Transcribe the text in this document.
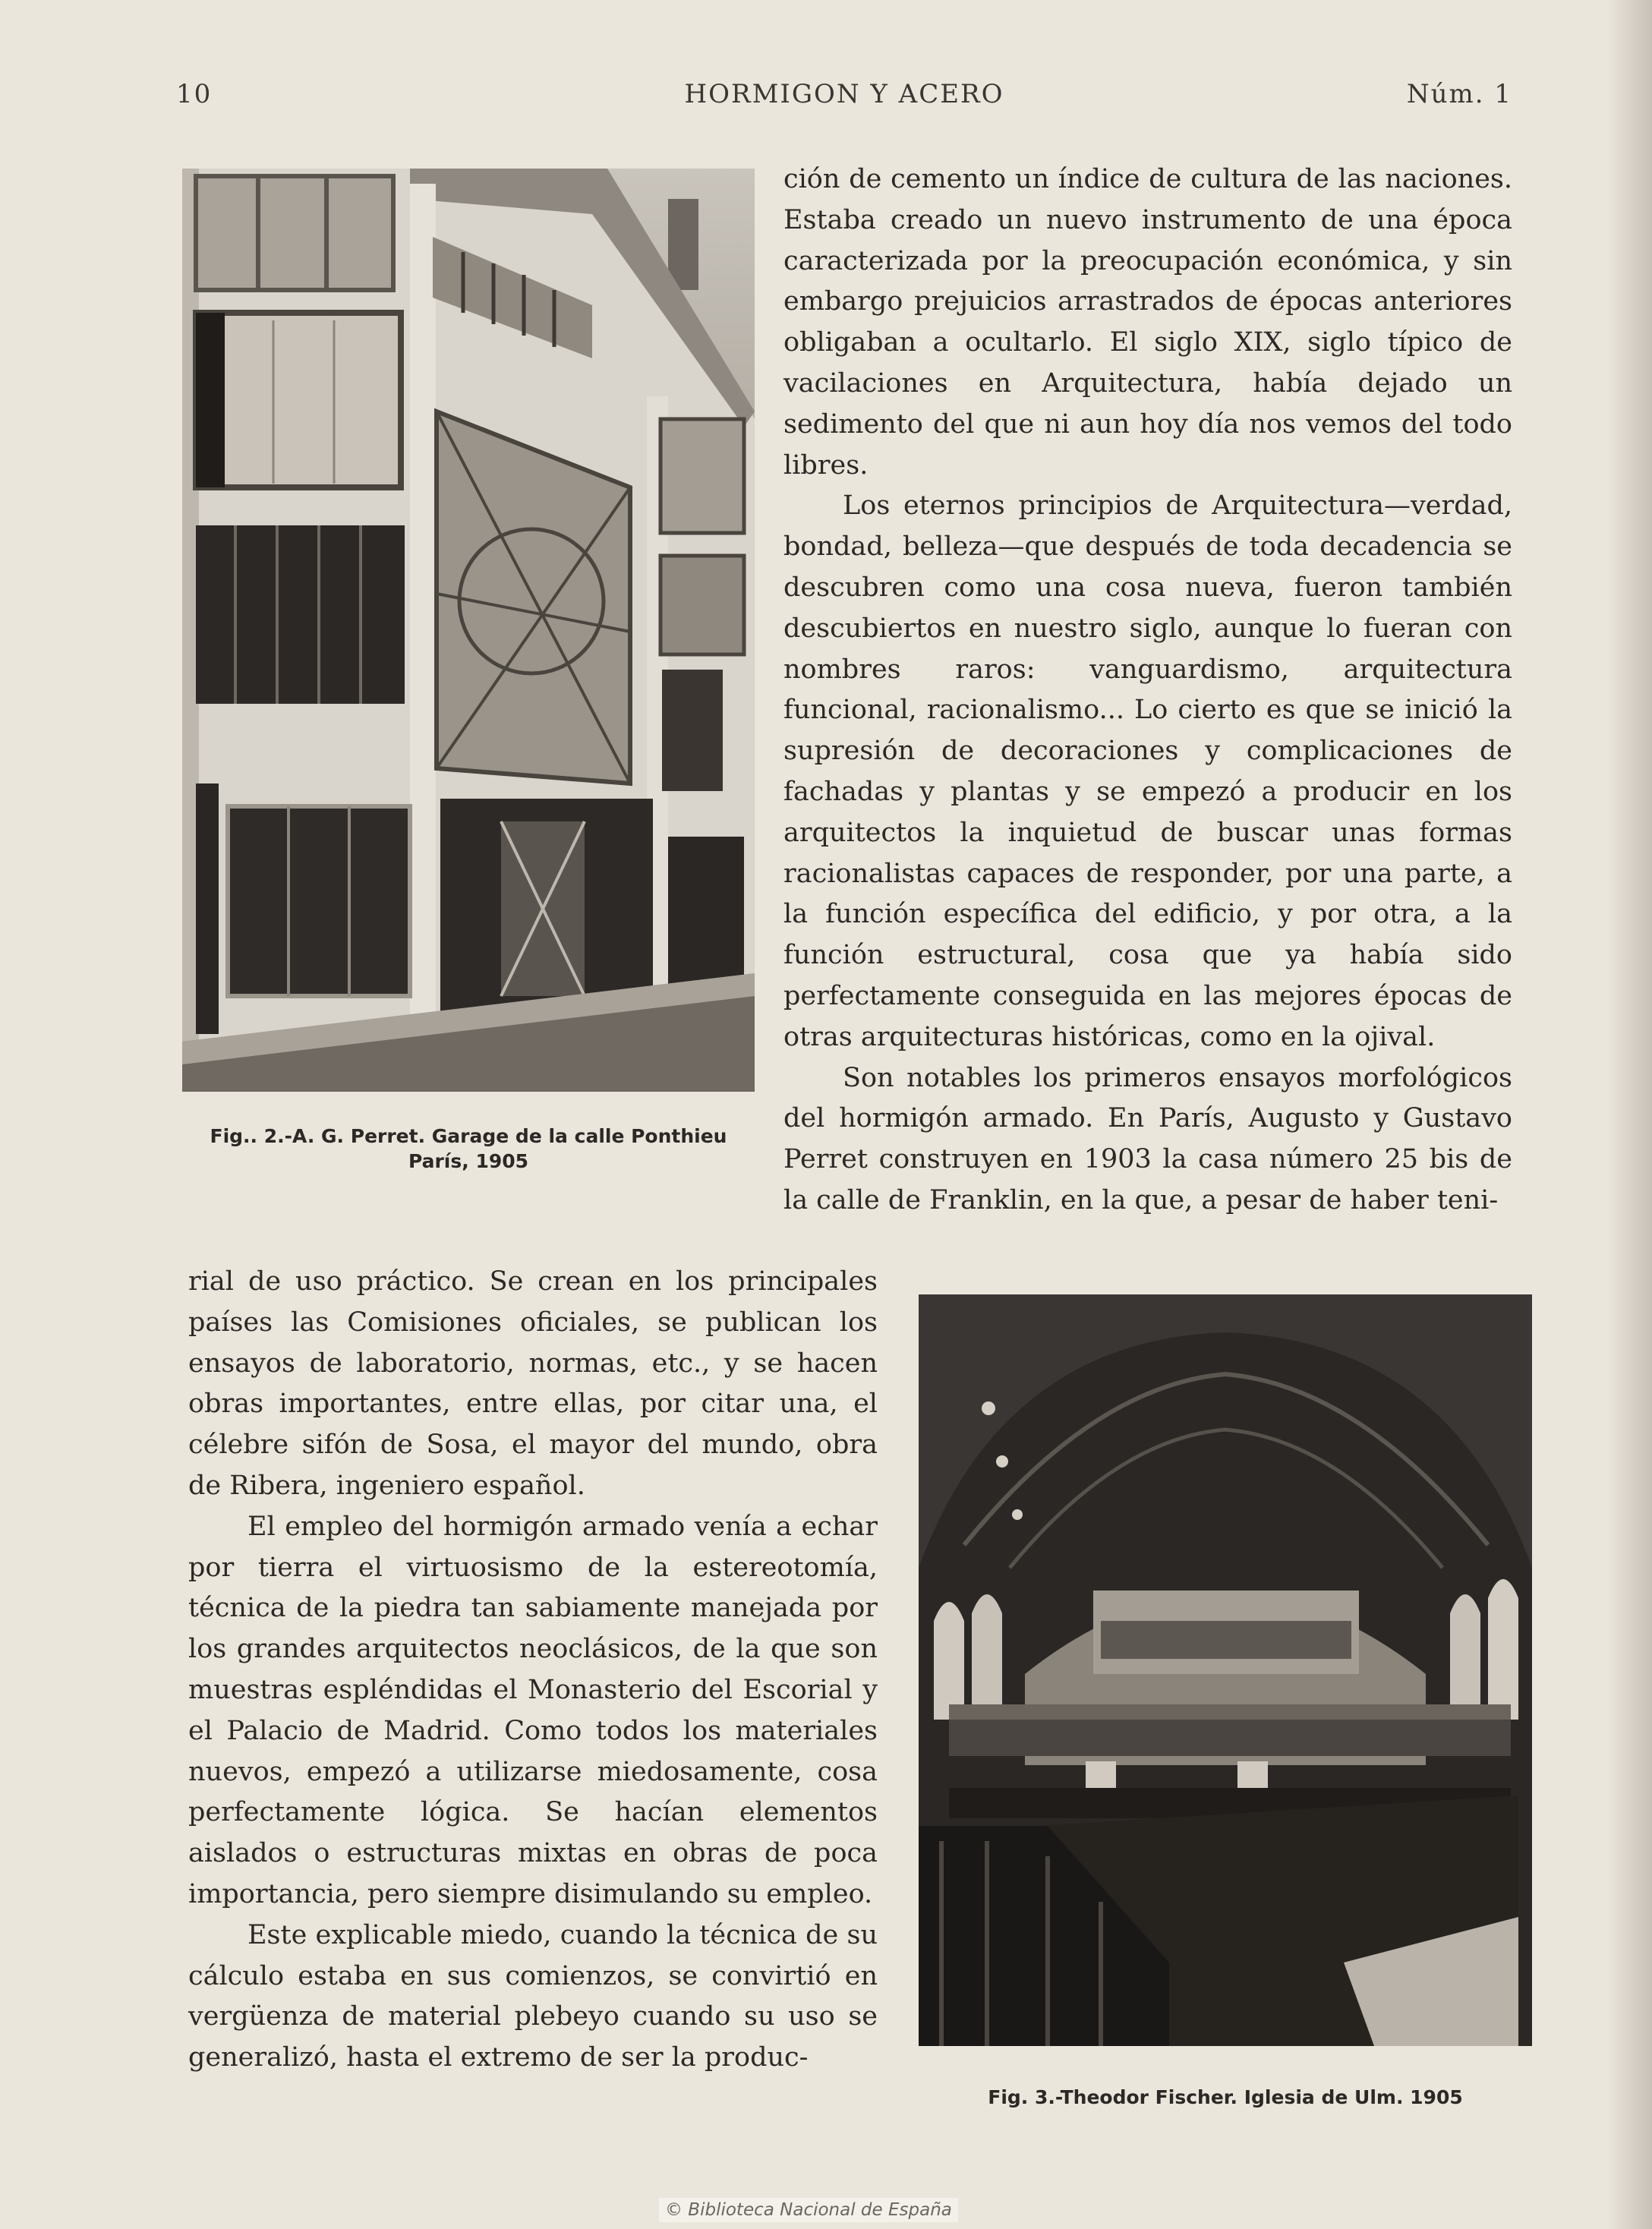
10	HORMIGON Y ACERO	Núm. 1
Fig.. 2.-A. G. Perret. Garage de la calle Ponthieu
París, 1905

ción de cemento un índice de cultura de las naciones. Estaba creado un nuevo instrumento de una época caracterizada por la preocupación económica, y sin embargo prejuicios arrastrados de épocas anteriores obligaban a ocultarlo. El siglo XIX, siglo típico de vacilaciones en Arquitectura, había dejado un sedimento del que ni aun hoy día nos vemos del todo libres.

Los eternos principios de Arquitectura—verdad, bondad, belleza—que después de toda decadencia se descubren como una cosa nueva, fueron también descubiertos en nuestro siglo, aunque lo fueran con nombres raros: vanguardismo, arquitectura funcional, racionalismo... Lo cierto es que se inició la supresión de decoraciones y complicaciones de fachadas y plantas y se empezó a producir en los arquitectos la inquietud de buscar unas formas racionalistas capaces de responder, por una parte, a la función específica del edificio, y por otra, a la función estructural, cosa que ya había sido perfectamente conseguida en las mejores épocas de otras arquitecturas históricas, como en la ojival.

Son notables los primeros ensayos morfológicos del hormigón armado. En París, Augusto y Gustavo Perret construyen en 1903 la casa número 25 bis de la calle de Franklin, en la que, a pesar de haber teni-

rial de uso práctico. Se crean en los principales países las Comisiones oficiales, se publican los ensayos de laboratorio, normas, etc., y se hacen obras importantes, entre ellas, por citar una, el célebre sifón de Sosa, el mayor del mundo, obra de Ribera, ingeniero español.

El empleo del hormigón armado venía a echar por tierra el virtuosismo de la estereotomía, técnica de la piedra tan sabiamente manejada por los grandes arquitectos neoclásicos, de la que son muestras espléndidas el Monasterio del Escorial y el Palacio de Madrid. Como todos los materiales nuevos, empezó a utilizarse miedosamente, cosa perfectamente lógica. Se hacían elementos aislados o estructuras mixtas en obras de poca importancia, pero siempre disimulando su empleo.

Este explicable miedo, cuando la técnica de su cálculo estaba en sus comienzos, se convirtió en vergüenza de material plebeyo cuando su uso se generalizó, hasta el extremo de ser la produc-

Fig. 3.-Theodor Fischer. Iglesia de Ulm. 1905
© Biblioteca Nacional de España
